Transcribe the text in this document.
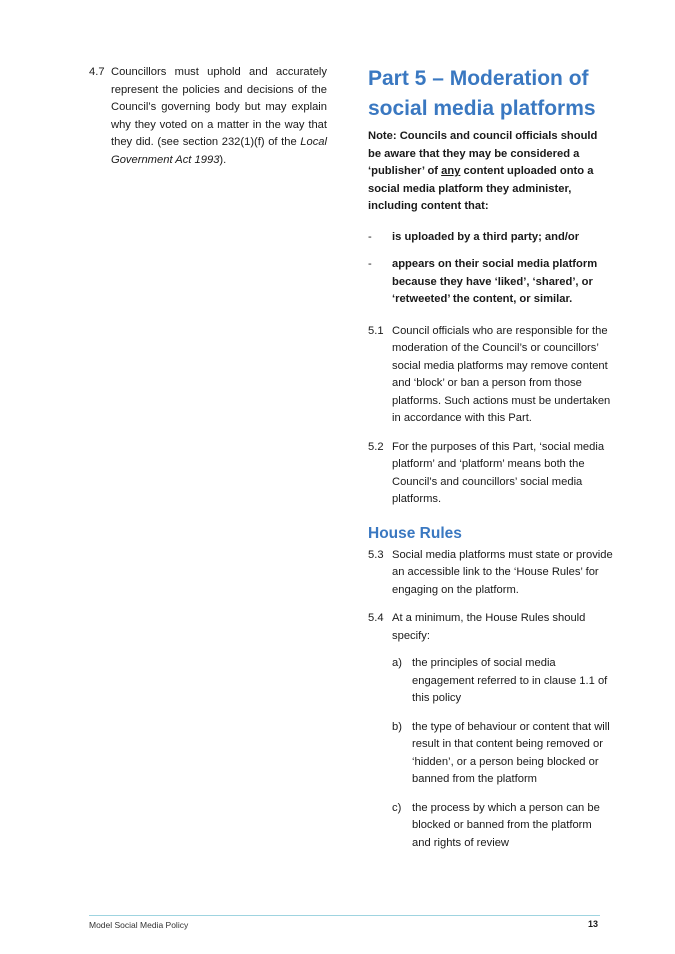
4.7 Councillors must uphold and accurately represent the policies and decisions of the Council’s governing body but may explain why they voted on a matter in the way that they did. (see section 232(1)(f) of the Local Government Act 1993).
Part 5 – Moderation of social media platforms

Note: Councils and council officials should be aware that they may be considered a ‘publisher’ of any content uploaded onto a social media platform they administer, including content that:

-	is uploaded by a third party; and/or
-	appears on their social media platform because they have ‘liked’, ‘shared’, or ‘retweeted’ the content, or similar.
5.1 Council officials who are responsible for the moderation of the Council’s or councillors’ social media platforms may remove content and ‘block’ or ban a person from those platforms. Such actions must be undertaken in accordance with this Part.
5.2 For the purposes of this Part, ‘social media platform’ and ‘platform’ means both the Council’s and councillors’ social media platforms.
House Rules
5.3 Social media platforms must state or provide an accessible link to the ‘House Rules’ for engaging on the platform.
5.4 At a minimum, the House Rules should specify:
a) the principles of social media engagement referred to in clause 1.1 of this policy
b) the type of behaviour or content that will result in that content being removed or ‘hidden’, or a person being blocked or banned from the platform
c) the process by which a person can be blocked or banned from the platform and rights of review
Model Social Media Policy	13
